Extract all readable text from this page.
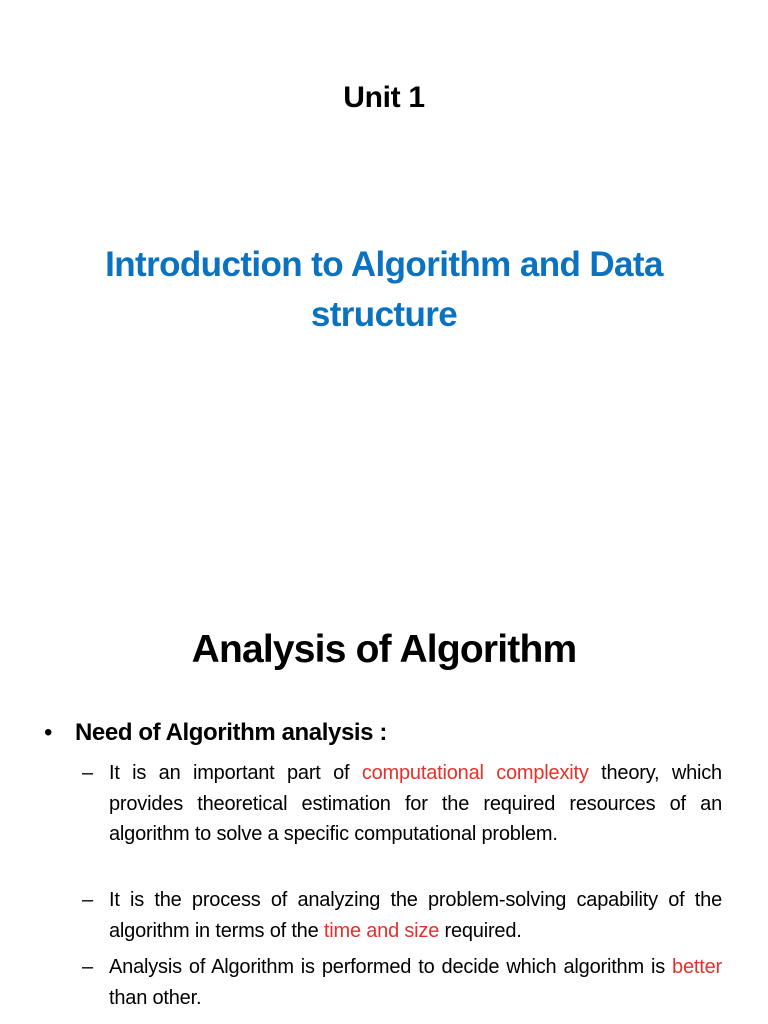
Unit 1
Introduction to Algorithm and Data structure
Analysis of Algorithm
• Need of Algorithm analysis :
– It is an important part of computational complexity theory, which provides theoretical estimation for the required resources of an algorithm to solve a specific computational problem.
– It is the process of analyzing the problem-solving capability of the algorithm in terms of the time and size required.
– Analysis of Algorithm is performed to decide which algorithm is better than other.
